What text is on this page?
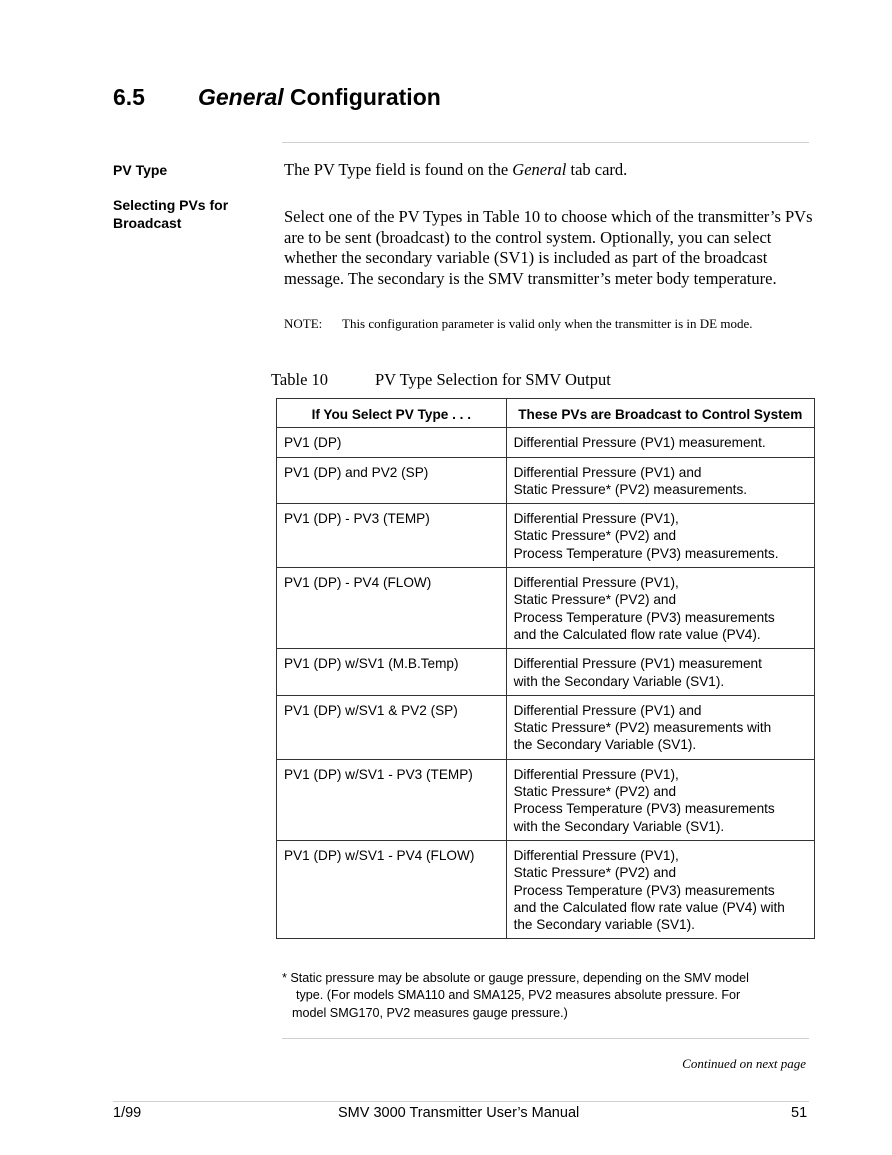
6.5 General Configuration
PV Type
Selecting PVs for Broadcast

The PV Type field is found on the General tab card.

Select one of the PV Types in Table 10 to choose which of the transmitter’s PVs are to be sent (broadcast) to the control system. Optionally, you can select whether the secondary variable (SV1) is included as part of the broadcast message. The secondary is the SMV transmitter’s meter body temperature.

NOTE: This configuration parameter is valid only when the transmitter is in DE mode.
Table 10	PV Type Selection for SMV Output
If You Select PV Type . . .	These PVs are Broadcast to Control System
PV1 (DP)	Differential Pressure (PV1) measurement.

PV1 (DP) and PV2 (SP)	Differential Pressure (PV1) and
Static Pressure* (PV2) measurements.

PV1 (DP) - PV3 (TEMP)	Differential Pressure (PV1),
Static Pressure* (PV2) and
Process Temperature (PV3) measurements.

PV1 (DP) - PV4 (FLOW)	Differential Pressure (PV1),
Static Pressure* (PV2) and
Process Temperature (PV3) measurements
and the Calculated flow rate value (PV4).

PV1 (DP) w/SV1 (M.B.Temp)	Differential Pressure (PV1) measurement
with the Secondary Variable (SV1).

PV1 (DP) w/SV1 & PV2 (SP)	Differential Pressure (PV1) and
Static Pressure* (PV2) measurements with
the Secondary Variable (SV1).

PV1 (DP) w/SV1 - PV3 (TEMP)	Differential Pressure (PV1),
Static Pressure* (PV2) and
Process Temperature (PV3) measurements
with the Secondary Variable (SV1).

PV1 (DP) w/SV1 - PV4 (FLOW)	Differential Pressure (PV1),
Static Pressure* (PV2) and
Process Temperature (PV3) measurements
and the Calculated flow rate value (PV4) with
the Secondary variable (SV1).
* Static pressure may be absolute or gauge pressure, depending on the SMV model
type. (For models SMA110 and SMA125, PV2 measures absolute pressure. For
model SMG170, PV2 measures gauge pressure.)
Continued on next page
1/99	SMV 3000 Transmitter User’s Manual	51
